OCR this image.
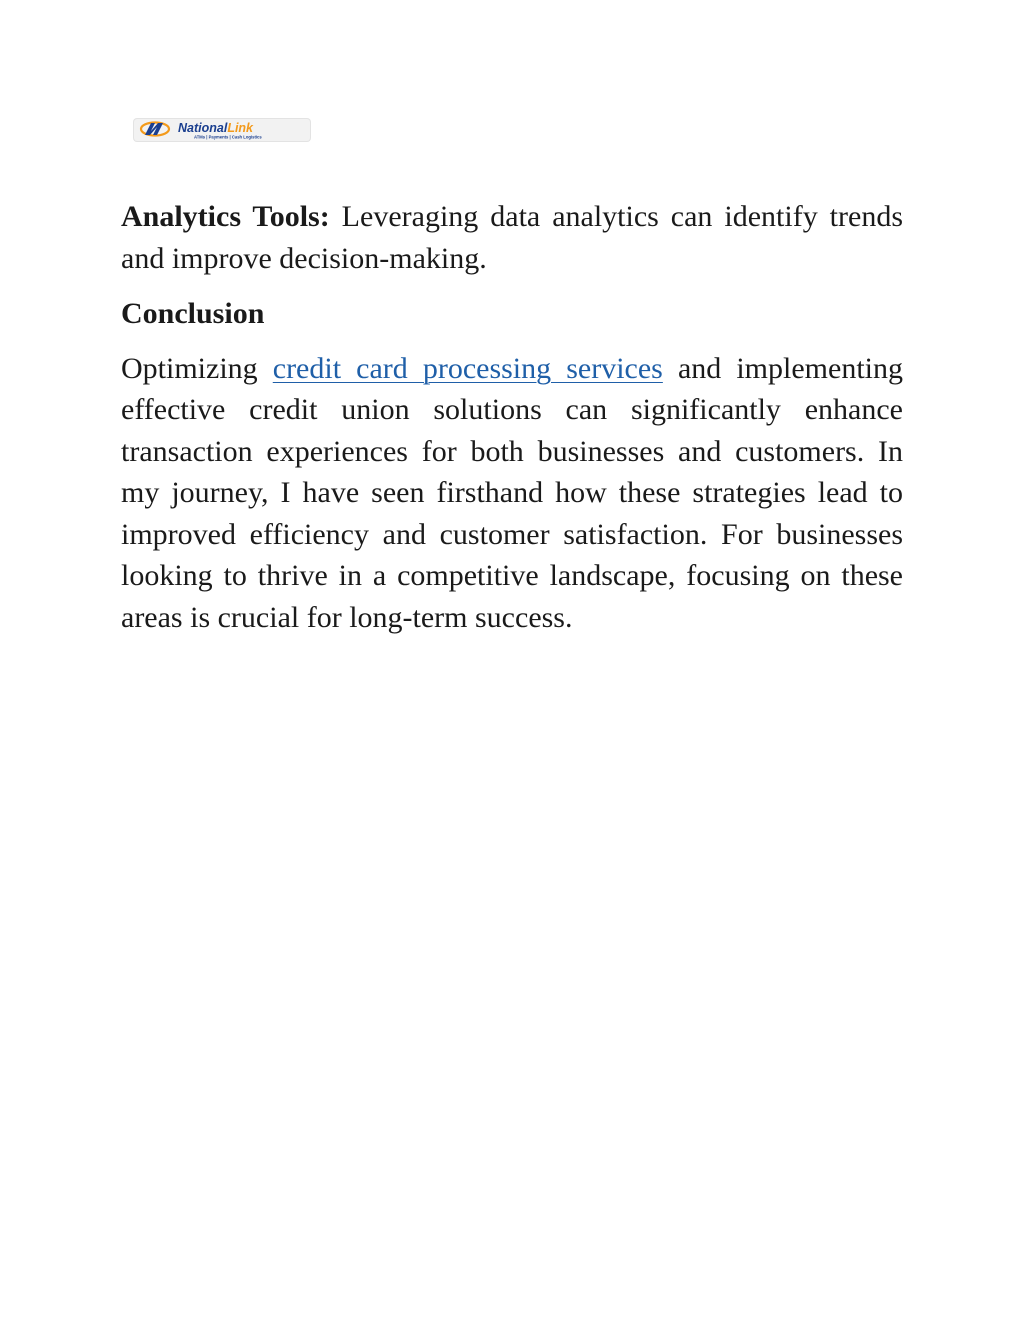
NationalLink
ATMs | Payments | Cash Logistics

Analytics Tools: Leveraging data analytics can identify trends and improve decision-making.

Conclusion

Optimizing credit card processing services and implementing effective credit union solutions can significantly enhance transaction experiences for both businesses and customers. In my journey, I have seen firsthand how these strategies lead to improved efficiency and customer satisfaction. For businesses looking to thrive in a competitive landscape, focusing on these areas is crucial for long-term success.
